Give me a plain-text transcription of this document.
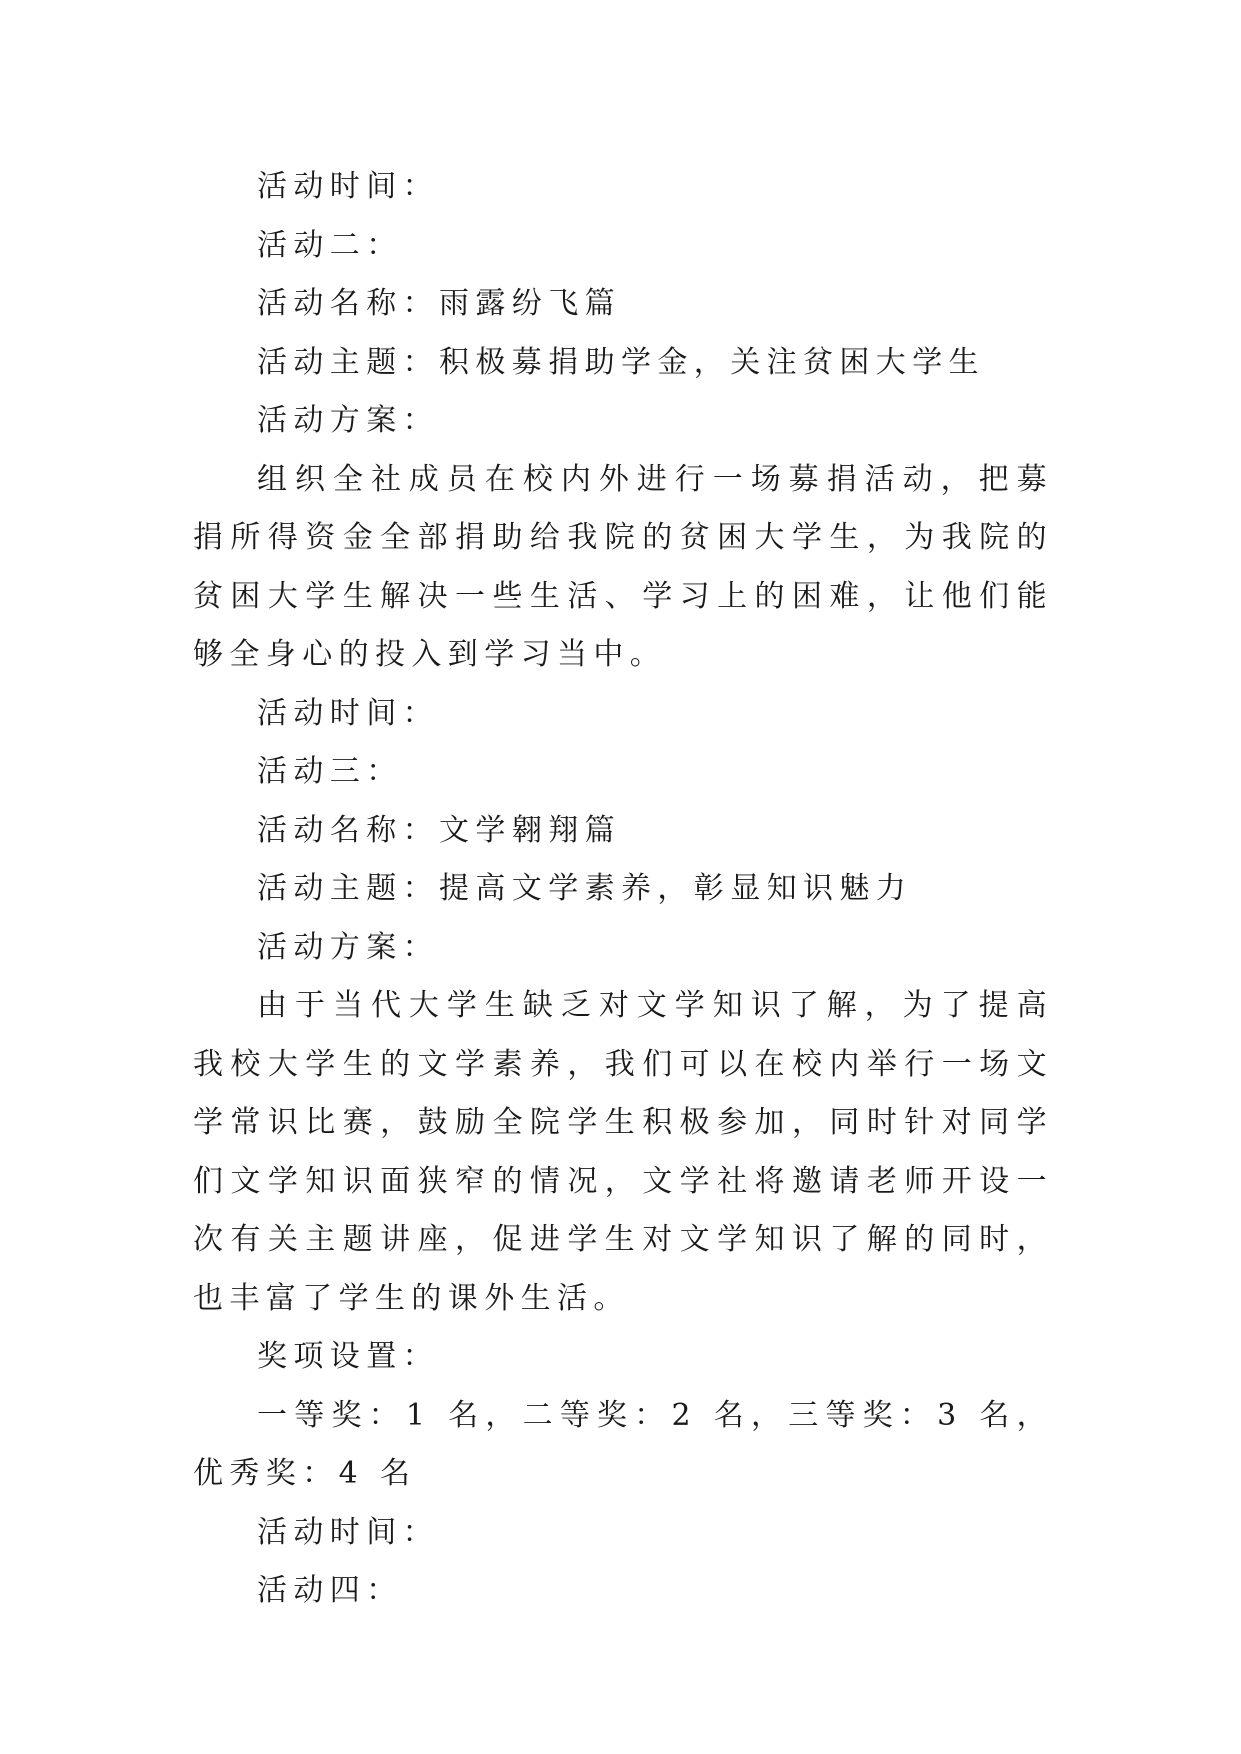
活动时间：

活动二：

活动名称：雨露纷飞篇

活动主题：积极募捐助学金，关注贫困大学生

活动方案：

组织全社成员在校内外进行一场募捐活动，把募捐所得资金全部捐助给我院的贫困大学生，为我院的贫困大学生解决一些生活、学习上的困难，让他们能够全身心的投入到学习当中。

活动时间：

活动三：

活动名称：文学翱翔篇

活动主题：提高文学素养，彰显知识魅力

活动方案：

由于当代大学生缺乏对文学知识了解，为了提高我校大学生的文学素养，我们可以在校内举行一场文学常识比赛，鼓励全院学生积极参加，同时针对同学们文学知识面狭窄的情况，文学社将邀请老师开设一次有关主题讲座，促进学生对文学知识了解的同时，也丰富了学生的课外生活。

奖项设置：

一等奖：1 名，二等奖：2 名，三等奖：3 名，优秀奖：4 名

活动时间：

活动四：
